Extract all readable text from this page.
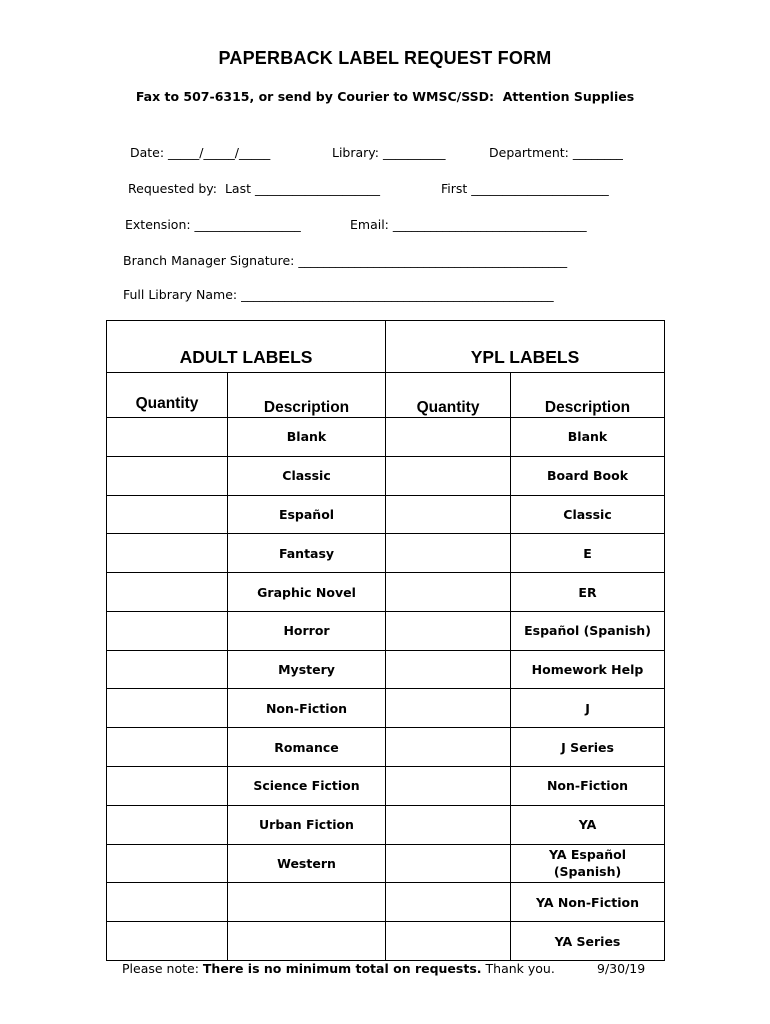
PAPERBACK LABEL REQUEST FORM
Fax to 507-6315, or send by Courier to WMSC/SSD:  Attention Supplies
Date: _____/_____/_____	Library: __________	Department: ________
Requested by:  Last ____________________	First ______________________
Extension: _________________	Email: _______________________________
Branch Manager Signature: ___________________________________________
Full Library Name: __________________________________________________
ADULT LABELS		YPL LABELS	
Quantity	Description	Quantity	Description
	Blank		Blank
	Classic		Board Book
	Español		Classic
	Fantasy		E
	Graphic Novel		ER
	Horror		Español (Spanish)
	Mystery		Homework Help
	Non-Fiction		J
	Romance		J Series
	Science Fiction		Non-Fiction
	Urban Fiction		YA
	Western		YA Español
(Spanish)
			YA Non-Fiction
			YA Series
Please note: There is no minimum total on requests. Thank you.	9/30/19
